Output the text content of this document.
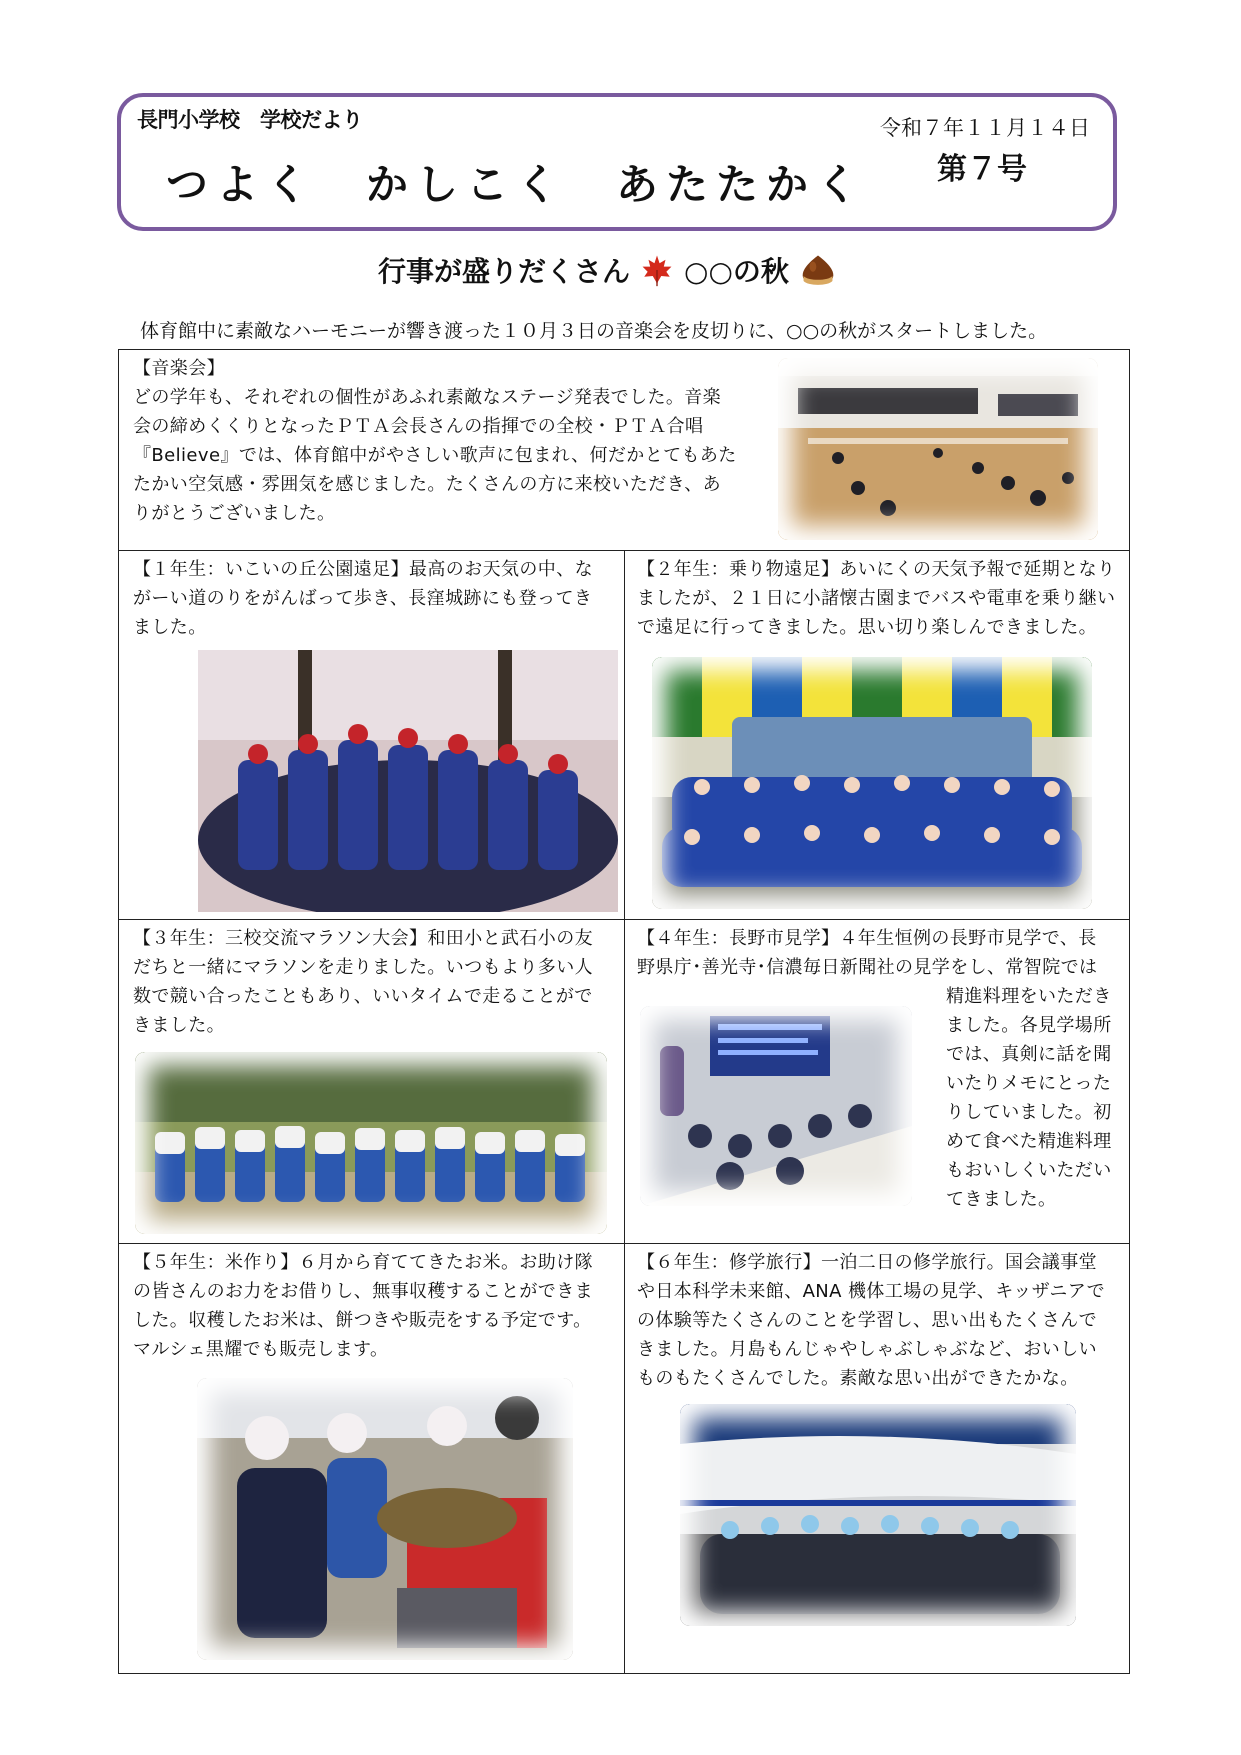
長門小学校　学校だより
つよく　かしこく　あたたかく
令和７年１１月１４日
第７号
行事が盛りだくさん ○○の秋
体育館中に素敵なハーモニーが響き渡った１０月３日の音楽会を皮切りに、○○の秋がスタートしました。
【音楽会】
どの学年も、それぞれの個性があふれ素敵なステージ発表でした。音楽
会の締めくくりとなったＰＴＡ会長さんの指揮での全校・ＰＴＡ合唱
『Believe』では、体育館中がやさしい歌声に包まれ、何だかとてもあた
たかい空気感・雰囲気を感じました。たくさんの方に来校いただき、あ
りがとうございました。
【１年生：いこいの丘公園遠足】最高のお天気の中、な
がーい道のりをがんばって歩き、長窪城跡にも登ってき
ました。
【２年生：乗り物遠足】あいにくの天気予報で延期となり
ましたが、２１日に小諸懐古園までバスや電車を乗り継い
で遠足に行ってきました。思い切り楽しんできました。
【３年生：三校交流マラソン大会】和田小と武石小の友
だちと一緒にマラソンを走りました。いつもより多い人
数で競い合ったこともあり、いいタイムで走ることがで
きました。
【４年生：長野市見学】４年生恒例の長野市見学で、長
野県庁･善光寺･信濃毎日新聞社の見学をし、常智院では
精進料理をいただき
ました。各見学場所
では、真剣に話を聞
いたりメモにとった
りしていました。初
めて食べた精進料理
もおいしくいただい
てきました。
【５年生：米作り】６月から育ててきたお米。お助け隊
の皆さんのお力をお借りし、無事収穫することができま
した。収穫したお米は、餅つきや販売をする予定です。
マルシェ黒耀でも販売します。
【６年生：修学旅行】一泊二日の修学旅行。国会議事堂
や日本科学未来館、ANA 機体工場の見学、キッザニアで
の体験等たくさんのことを学習し、思い出もたくさんで
きました。月島もんじゃやしゃぶしゃぶなど、おいしい
ものもたくさんでした。素敵な思い出ができたかな。
